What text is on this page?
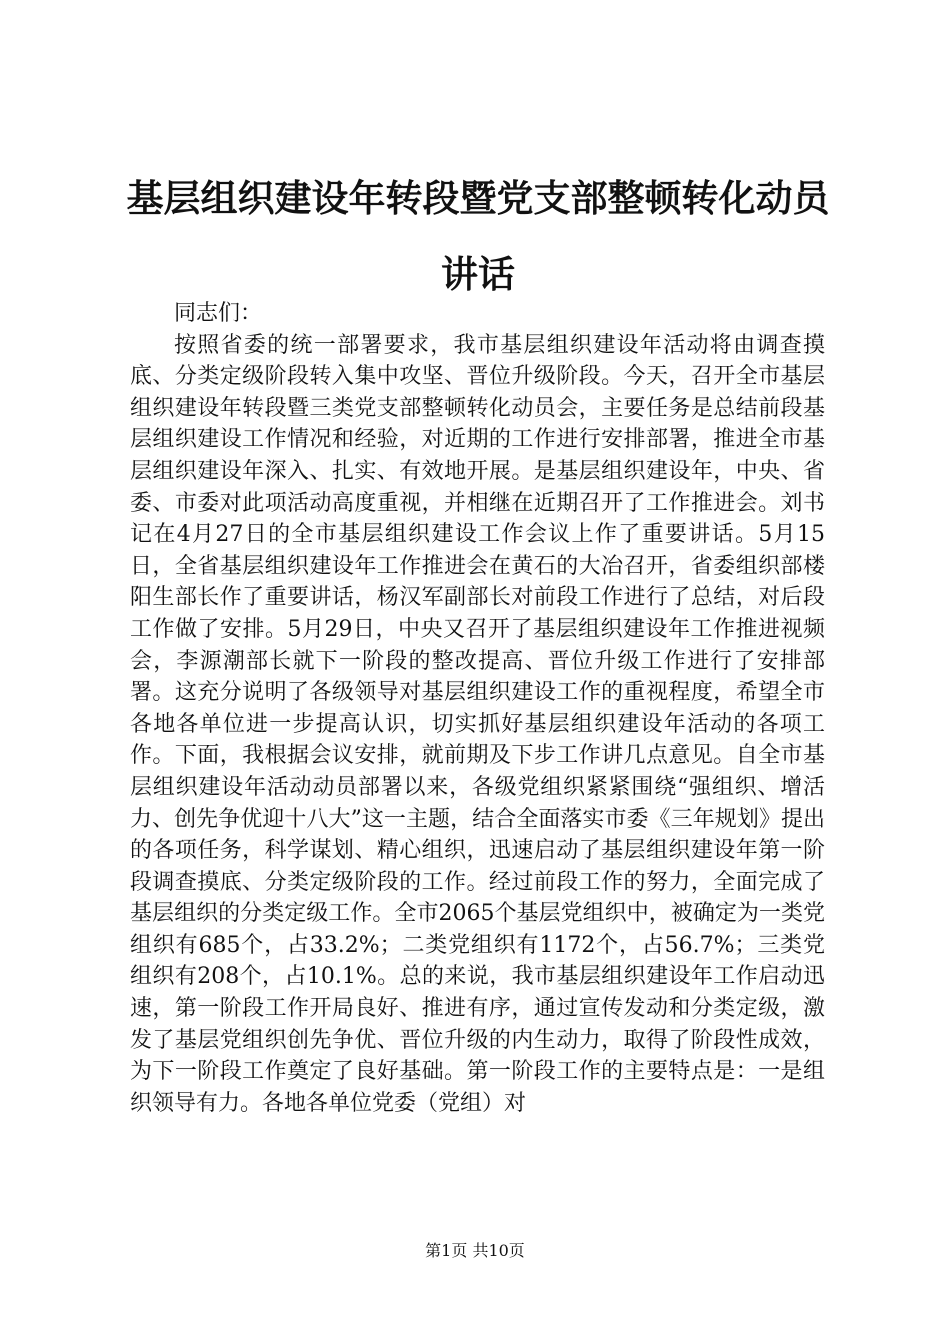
基层组织建设年转段暨党支部整顿转化动员讲话

同志们：

按照省委的统一部署要求，我市基层组织建设年活动将由调查摸底、分类定级阶段转入集中攻坚、晋位升级阶段。今天，召开全市基层组织建设年转段暨三类党支部整顿转化动员会，主要任务是总结前段基层组织建设工作情况和经验，对近期的工作进行安排部署，推进全市基层组织建设年深入、扎实、有效地开展。是基层组织建设年，中央、省委、市委对此项活动高度重视，并相继在近期召开了工作推进会。刘书记在4月27日的全市基层组织建设工作会议上作了重要讲话。5月15日，全省基层组织建设年工作推进会在黄石的大冶召开，省委组织部楼阳生部长作了重要讲话，杨汉军副部长对前段工作进行了总结，对后段工作做了安排。5月29日，中央又召开了基层组织建设年工作推进视频会，李源潮部长就下一阶段的整改提高、晋位升级工作进行了安排部署。这充分说明了各级领导对基层组织建设工作的重视程度，希望全市各地各单位进一步提高认识，切实抓好基层组织建设年活动的各项工作。下面，我根据会议安排，就前期及下步工作讲几点意见。自全市基层组织建设年活动动员部署以来，各级党组织紧紧围绕“强组织、增活力、创先争优迎十八大”这一主题，结合全面落实市委《三年规划》提出的各项任务，科学谋划、精心组织，迅速启动了基层组织建设年第一阶段调查摸底、分类定级阶段的工作。经过前段工作的努力，全面完成了基层组织的分类定级工作。全市2065个基层党组织中，被确定为一类党组织有685个，占33.2%；二类党组织有1172个，占56.7%；三类党组织有208个，占10.1%。总的来说，我市基层组织建设年工作启动迅速，第一阶段工作开局良好、推进有序，通过宣传发动和分类定级，激发了基层党组织创先争优、晋位升级的内生动力，取得了阶段性成效，为下一阶段工作奠定了良好基础。第一阶段工作的主要特点是：一是组织领导有力。各地各单位党委（党组）对

第1页 共10页
